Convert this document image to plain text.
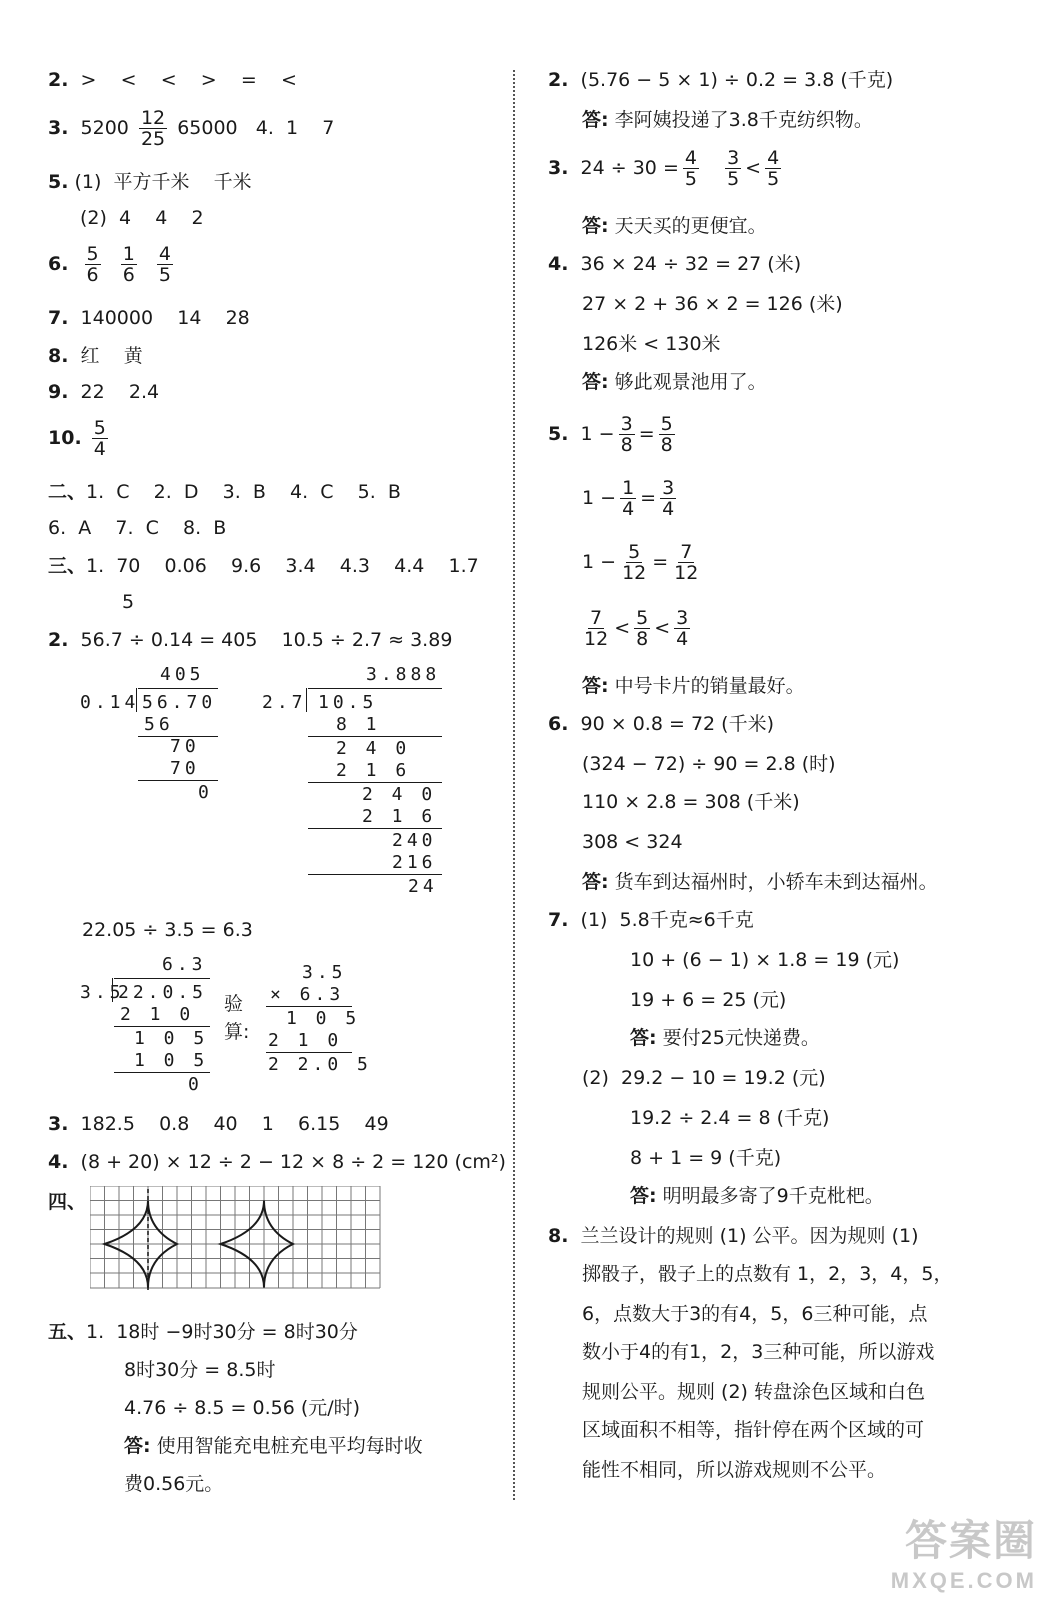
2. >    <    <    >    =    <
3. $5200 \frac{12}{25} 65000$ 4.  1    7
5. (1)  平方千米    千米
(2)  4    4    2
6. $\frac{5}{6}$
$\frac{1}{6}$
$\frac{4}{5}$
7. 140000    14    28
8. 红    黄
9. 22    2.4
10. $\frac{5}{4}$
二、1.  C    2.  D    3.  B    4.  C    5.  B
6.  A    7.  C    8.  B
三、1.  70    0.06    9.6    3.4    4.3    4.4    1.7
5
2. 56.7 ÷ 0.14 = 405    10.5 ÷ 2.7 ≈ 3.89
405
0.14 56.70
56
70
70
0
3.888
2.7 10.5
8 1
2 4 0
2 1 6
2 4 0
2 1 6
240
216
24
22.05 ÷ 3.5 = 6.3
6.3
3.5
22.0.5
2 1 0
1 0 5
1 0 5
0
验
算:
3.5
× 6.3
1 0 5
2 1 0
2 2.0 5
3. 182.5    0.8    40    1    6.15    49
4. (8 + 20) × 12 ÷ 2 − 12 × 8 ÷ 2 = 120 (cm²)
四、
五、1.  18时 −9时30分 = 8时30分
8时30分 = 8.5时
4.76 ÷ 8.5 = 0.56 (元/时)
答: 使用智能充电桩充电平均每时收
费0.56元。
2. (5.76 − 5 × 1) ÷ 0.2 = 3.8 (千克)
答: 李阿姨投递了3.8千克纺织物。
3. $24 \div 30 = \frac{4}{5}$
$\frac{3}{5} < \frac{4}{5}$
答: 天天买的更便宜。
4. 36 × 24 ÷ 32 = 27 (米)
27 × 2 + 36 × 2 = 126 (米)
126米 < 130米
答: 够此观景池用了。
5. $1 - \frac{3}{8} = \frac{5}{8}$
$1 - \frac{1}{4} = \frac{3}{4}$
$1 - \frac{5}{12} = \frac{7}{12}$
$\frac{7}{12} < \frac{5}{8} < \frac{3}{4}$
答: 中号卡片的销量最好。
6. 90 × 0.8 = 72 (千米)
(324 − 72) ÷ 90 = 2.8 (时)
110 × 2.8 = 308 (千米)
308 < 324
答: 货车到达福州时，小轿车未到达福州。
7. (1)  5.8千克≈6千克
10 + (6 − 1) × 1.8 = 19 (元)
19 + 6 = 25 (元)
答: 要付25元快递费。
(2)  29.2 − 10 = 19.2 (元)
19.2 ÷ 2.4 = 8 (千克)
8 + 1 = 9 (千克)
答: 明明最多寄了9千克枇杷。
8. 兰兰设计的规则 (1) 公平。因为规则 (1)
掷骰子，骰子上的点数有 1，2，3，4，5，
6，点数大于3的有4，5，6三种可能，点
数小于4的有1，2，3三种可能，所以游戏
规则公平。规则 (2) 转盘涂色区域和白色
区域面积不相等，指针停在两个区域的可
能性不相同，所以游戏规则不公平。
答案圈
MXQE.COM
